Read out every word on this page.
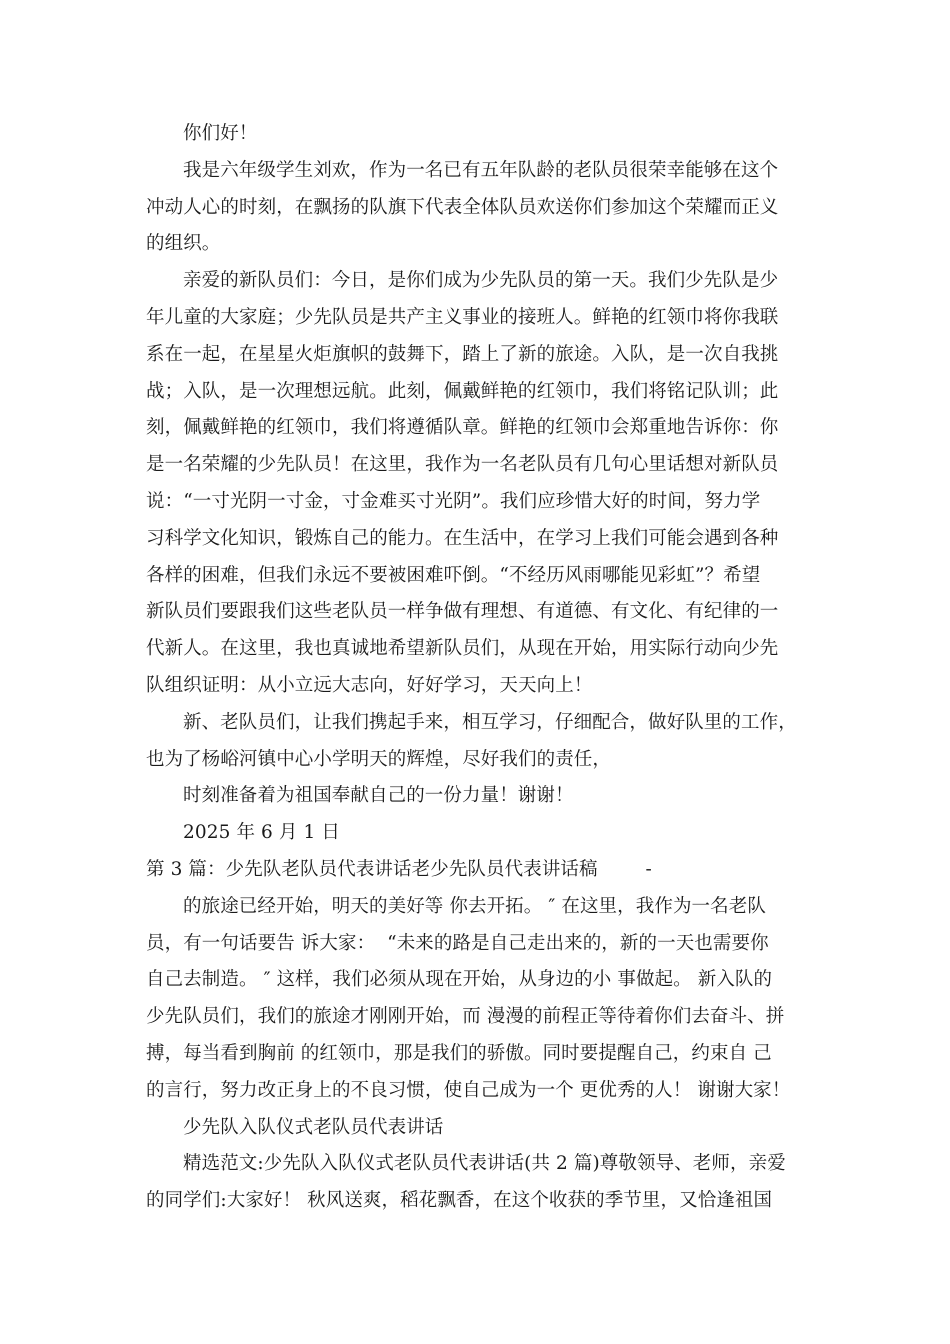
你们好！
我是六年级学生刘欢，作为一名已有五年队龄的老队员很荣幸能够在这个
冲动人心的时刻，在飘扬的队旗下代表全体队员欢送你们参加这个荣耀而正义
的组织。
亲爱的新队员们：今日，是你们成为少先队员的第一天。我们少先队是少
年儿童的大家庭；少先队员是共产主义事业的接班人。鲜艳的红领巾将你我联
系在一起，在星星火炬旗帜的鼓舞下，踏上了新的旅途。入队，是一次自我挑
战；入队，是一次理想远航。此刻，佩戴鲜艳的红领巾，我们将铭记队训；此
刻，佩戴鲜艳的红领巾，我们将遵循队章。鲜艳的红领巾会郑重地告诉你：你
是一名荣耀的少先队员！在这里，我作为一名老队员有几句心里话想对新队员
说：“一寸光阴一寸金，寸金难买寸光阴”。我们应珍惜大好的时间，努力学
习科学文化知识，锻炼自己的能力。在生活中，在学习上我们可能会遇到各种
各样的困难，但我们永远不要被困难吓倒。“不经历风雨哪能见彩虹”？希望
新队员们要跟我们这些老队员一样争做有理想、有道德、有文化、有纪律的一
代新人。在这里，我也真诚地希望新队员们，从现在开始，用实际行动向少先
队组织证明：从小立远大志向，好好学习，天天向上！
新、老队员们，让我们携起手来，相互学习，仔细配合，做好队里的工作，
也为了杨峪河镇中心小学明天的辉煌，尽好我们的责任，
时刻准备着为祖国奉献自己的一份力量！谢谢！
2025 年 6 月 1 日
第 3 篇：少先队老队员代表讲话老少先队员代表讲话稿        -
的旅途已经开始，明天的美好等 你去开拓。 ″ 在这里，我作为一名老队
员，有一句话要告 诉大家：  “未来的路是自己走出来的，新的一天也需要你
自己去制造。 ″ 这样，我们必须从现在开始，从身边的小 事做起。 新入队的
少先队员们，我们的旅途才刚刚开始，而 漫漫的前程正等待着你们去奋斗、拼
搏，每当看到胸前 的红领巾，那是我们的骄傲。同时要提醒自己，约束自 己
的言行，努力改正身上的不良习惯，使自己成为一个 更优秀的人！ 谢谢大家！
少先队入队仪式老队员代表讲话
精选范文:少先队入队仪式老队员代表讲话(共 2 篇)尊敬领导、老师，亲爱
的同学们:大家好！ 秋风送爽，稻花飘香，在这个收获的季节里，又恰逢祖国
